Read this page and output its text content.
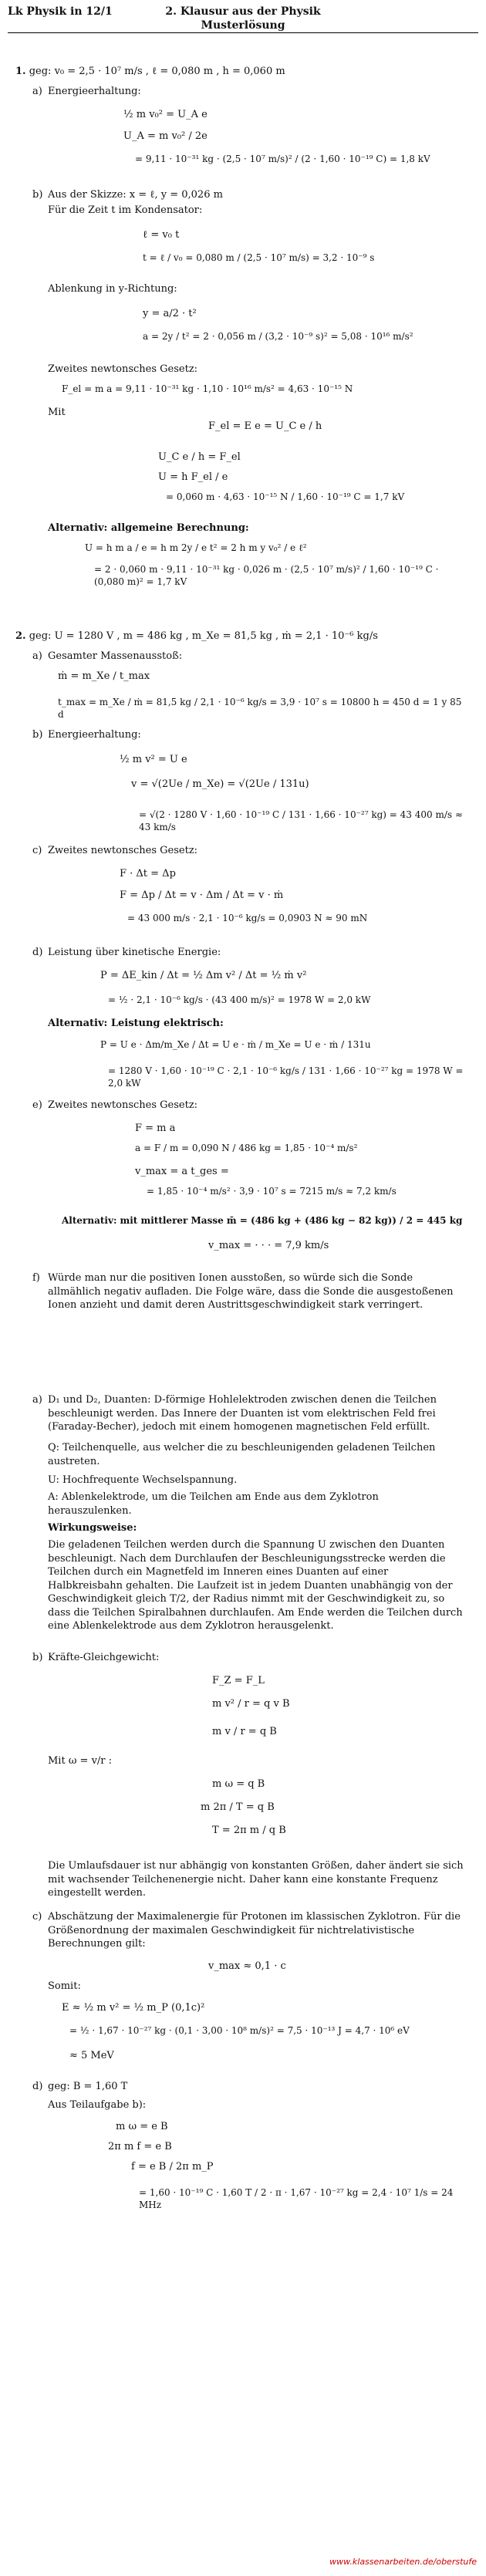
Lk Physik in 12/1	2. Klausur aus der Physik
Musterlösung
1. geg: v₀ = 2,5 · 10⁷ m/s , ℓ = 0,080 m , h = 0,060 m
a) Energieerhaltung:
½ m v₀² = U_A e
U_A = m v₀² / 2e
= 9,11 · 10⁻³¹ kg · (2,5 · 10⁷ m/s)² / (2 · 1,60 · 10⁻¹⁹ C) = 1,8 kV
b) Aus der Skizze: x = ℓ, y = 0,026 m
Für die Zeit t im Kondensator:
ℓ = v₀ t
t = ℓ / v₀ = 0,080 m / (2,5 · 10⁷ m/s) = 3,2 · 10⁻⁹ s
Ablenkung in y-Richtung:
y = a/2 · t²
a = 2y / t² = 2 · 0,056 m / (3,2 · 10⁻⁹ s)² = 5,08 · 10¹⁶ m/s²
Zweites newtonsches Gesetz:
F_el = m a = 9,11 · 10⁻³¹ kg · 1,10 · 10¹⁶ m/s² = 4,63 · 10⁻¹⁵ N
Mit
F_el = E e = U_C e / h
U_C e / h = F_el
U = h F_el / e
= 0,060 m · 4,63 · 10⁻¹⁵ N / 1,60 · 10⁻¹⁹ C = 1,7 kV
Alternativ: allgemeine Berechnung:
U = h m a / e = h m 2y / e t² = 2 h m y v₀² / e ℓ²
= 2 · 0,060 m · 9,11 · 10⁻³¹ kg · 0,026 m · (2,5 · 10⁷ m/s)² / 1,60 · 10⁻¹⁹ C · (0,080 m)² = 1,7 kV
2. geg: U = 1280 V , m = 486 kg , m_Xe = 81,5 kg , ṁ = 2,1 · 10⁻⁶ kg/s
a) Gesamter Massenausstoß:
ṁ = m_Xe / t_max
t_max = m_Xe / ṁ = 81,5 kg / 2,1 · 10⁻⁶ kg/s = 3,9 · 10⁷ s = 10800 h = 450 d = 1 y 85 d
b) Energieerhaltung:
½ m v² = U e
v = √(2Ue / m_Xe) = √(2Ue / 131u)
= √(2 · 1280 V · 1,60 · 10⁻¹⁹ C / 131 · 1,66 · 10⁻²⁷ kg) = 43 400 m/s ≈ 43 km/s
c) Zweites newtonsches Gesetz:
F · Δt = Δp
F = Δp / Δt = v · Δm / Δt = v · ṁ
= 43 000 m/s · 2,1 · 10⁻⁶ kg/s = 0,0903 N ≈ 90 mN
d) Leistung über kinetische Energie:
P = ΔE_kin / Δt = ½ Δm v² / Δt = ½ ṁ v²
= ½ · 2,1 · 10⁻⁶ kg/s · (43 400 m/s)² = 1978 W = 2,0 kW
Alternativ: Leistung elektrisch:
P = U e · Δm/m_Xe / Δt = U e · ṁ / m_Xe = U e · ṁ / 131u
= 1280 V · 1,60 · 10⁻¹⁹ C · 2,1 · 10⁻⁶ kg/s / 131 · 1,66 · 10⁻²⁷ kg = 1978 W = 2,0 kW
e) Zweites newtonsches Gesetz:
F = m a
a = F / m = 0,090 N / 486 kg = 1,85 · 10⁻⁴ m/s²
v_max = a t_ges =
= 1,85 · 10⁻⁴ m/s² · 3,9 · 10⁷ s = 7215 m/s ≈ 7,2 km/s
Alternativ: mit mittlerer Masse m̄ = (486 kg + (486 kg − 82 kg)) / 2 = 445 kg
v_max = · · · = 7,9 km/s
f) Würde man nur die positiven Ionen ausstoßen, so würde sich die Sonde allmählich negativ aufladen. Die Folge wäre, dass die Sonde die ausgestoßenen Ionen anzieht und damit deren Austrittsgeschwindigkeit stark verringert.
a) D₁ und D₂, Duanten: D-förmige Hohlelektroden zwischen denen die Teilchen beschleunigt werden. Das Innere der Duanten ist vom elektrischen Feld frei (Faraday-Becher), jedoch mit einem homogenen magnetischen Feld erfüllt.
Q: Teilchenquelle, aus welcher die zu beschleunigenden geladenen Teilchen austreten.
U: Hochfrequente Wechselspannung.
A: Ablenkelektrode, um die Teilchen am Ende aus dem Zyklotron herauszulenken.
Wirkungsweise:
Die geladenen Teilchen werden durch die Spannung U zwischen den Duanten beschleunigt. Nach dem Durchlaufen der Beschleunigungsstrecke werden die Teilchen durch ein Magnetfeld im Inneren eines Duanten auf einer Halbkreisbahn gehalten. Die Laufzeit ist in jedem Duanten unabhängig von der Geschwindigkeit gleich T/2, der Radius nimmt mit der Geschwindigkeit zu, so dass die Teilchen Spiralbahnen durchlaufen. Am Ende werden die Teilchen durch eine Ablenkelektrode aus dem Zyklotron herausgelenkt.
b) Kräfte-Gleichgewicht:
F_Z = F_L
m v² / r = q v B
m v / r = q B
Mit ω = v/r :
m ω = q B
m 2π / T = q B
T = 2π m / q B
Die Umlaufsdauer ist nur abhängig von konstanten Größen, daher ändert sie sich mit wachsender Teilchenenergie nicht. Daher kann eine konstante Frequenz eingestellt werden.
c) Abschätzung der Maximalenergie für Protonen im klassischen Zyklotron. Für die Größenordnung der maximalen Geschwindigkeit für nichtrelativistische Berechnungen gilt:
v_max ≈ 0,1 · c
Somit:
E ≈ ½ m v² = ½ m_P (0,1c)²
= ½ · 1,67 · 10⁻²⁷ kg · (0,1 · 3,00 · 10⁸ m/s)² = 7,5 · 10⁻¹³ J = 4,7 · 10⁶ eV
≈ 5 MeV
d) geg: B = 1,60 T
Aus Teilaufgabe b):
m ω = e B
2π m f = e B
f = e B / 2π m_P
= 1,60 · 10⁻¹⁹ C · 1,60 T / 2 · π · 1,67 · 10⁻²⁷ kg = 2,4 · 10⁷ 1/s = 24 MHz
www.klassenarbeiten.de/oberstufe
